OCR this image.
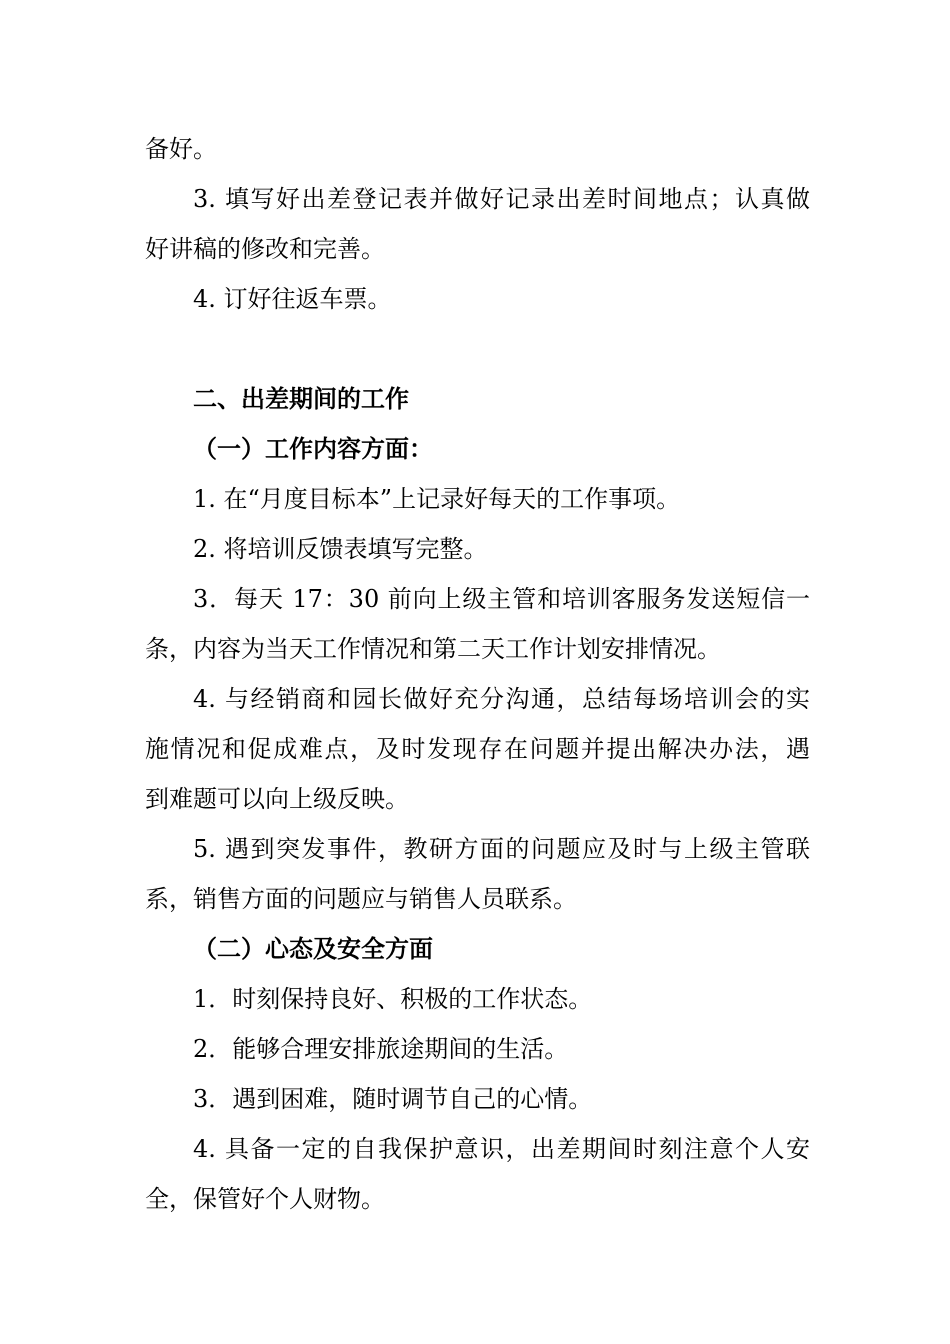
备好。

3. 填写好出差登记表并做好记录出差时间地点；认真做

好讲稿的修改和完善。

4. 订好往返车票。

二、出差期间的工作

（一）工作内容方面：

1. 在“月度目标本”上记录好每天的工作事项。

2. 将培训反馈表填写完整。

3．每天 17：30 前向上级主管和培训客服务发送短信一

条，内容为当天工作情况和第二天工作计划安排情况。

4. 与经销商和园长做好充分沟通，总结每场培训会的实

施情况和促成难点，及时发现存在问题并提出解决办法，遇

到难题可以向上级反映。

5. 遇到突发事件，教研方面的问题应及时与上级主管联

系，销售方面的问题应与销售人员联系。

（二）心态及安全方面

1．时刻保持良好、积极的工作状态。

2．能够合理安排旅途期间的生活。

3．遇到困难，随时调节自己的心情。

4. 具备一定的自我保护意识，出差期间时刻注意个人安

全，保管好个人财物。
